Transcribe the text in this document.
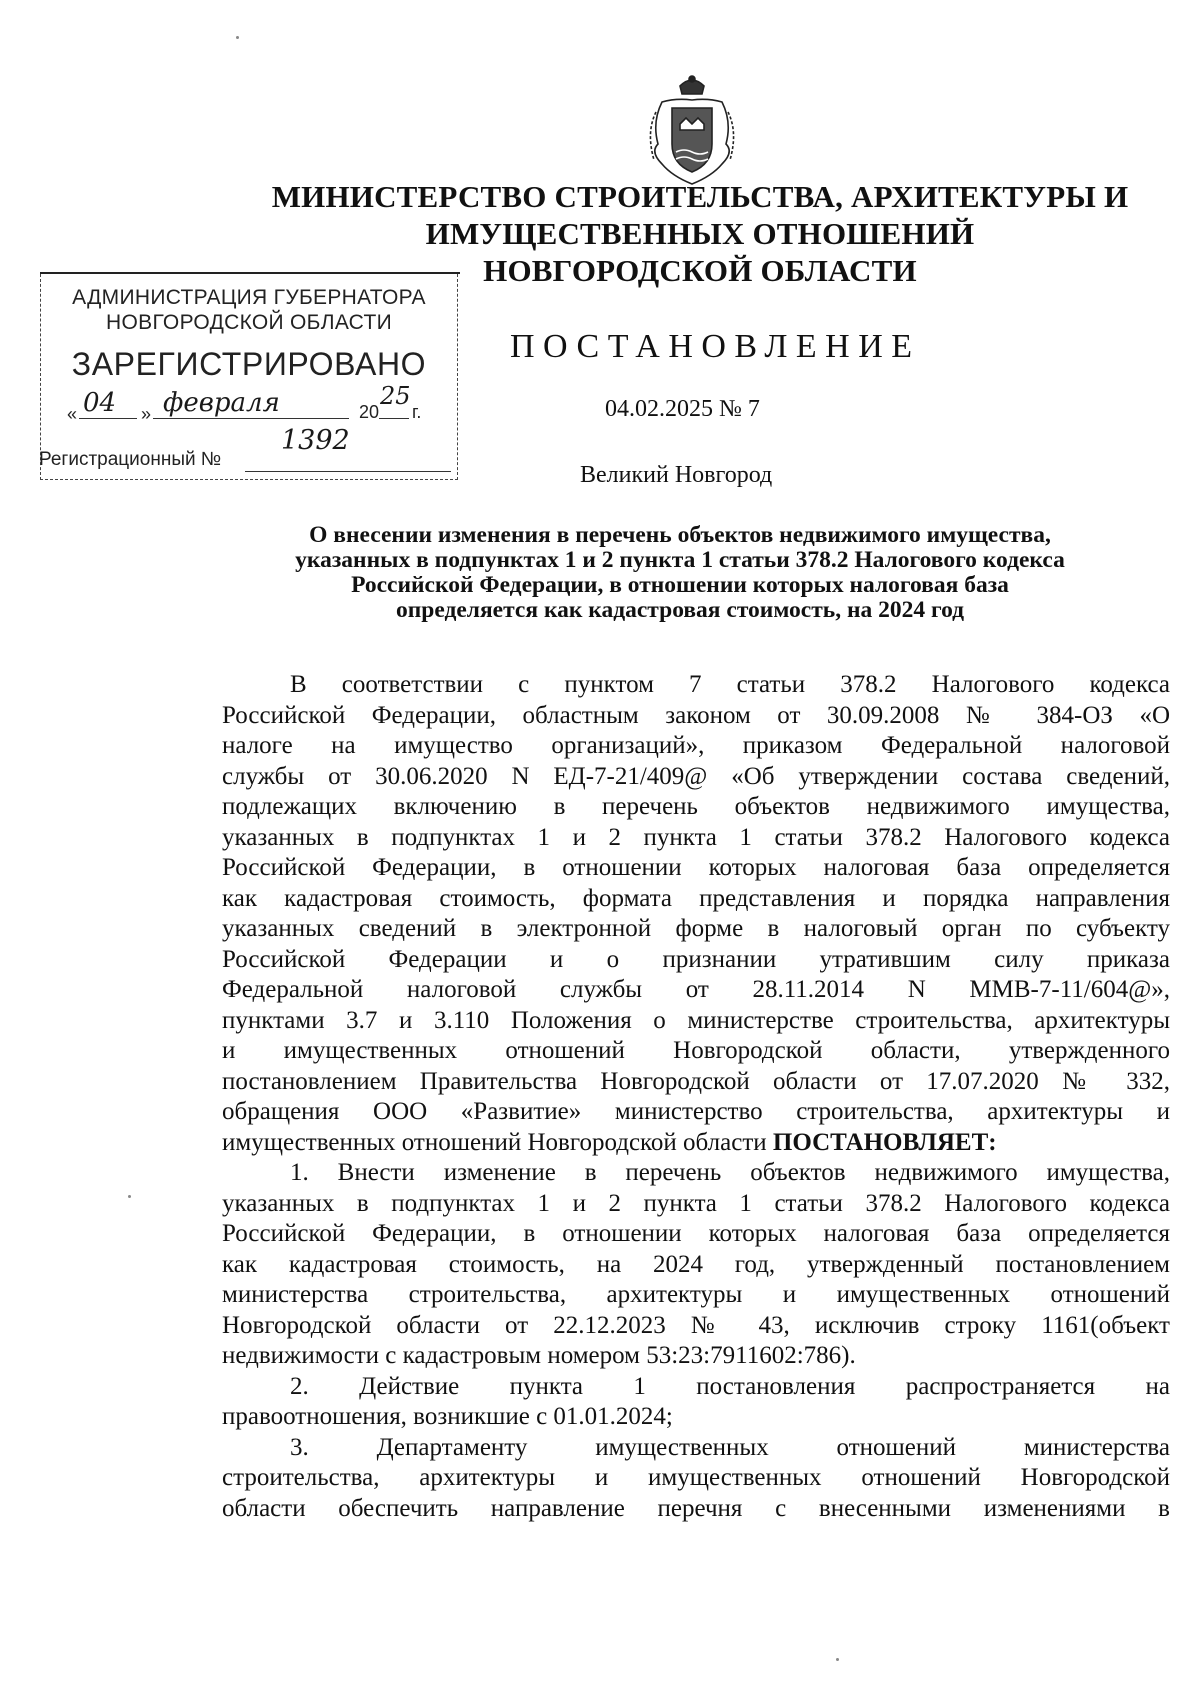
МИНИСТЕРСТВО СТРОИТЕЛЬСТВА, АРХИТЕКТУРЫ И
ИМУЩЕСТВЕННЫХ ОТНОШЕНИЙ
НОВГОРОДСКОЙ ОБЛАСТИ
АДМИНИСТРАЦИЯ ГУБЕРНАТОРА
НОВГОРОДСКОЙ ОБЛАСТИ
ЗАРЕГИСТРИРОВАНО
« 04 » февраля	20
25
г.
Регистрационный №
1392
ПОСТАНОВЛЕНИЕ
04.02.2025 № 7
Великий Новгород
О внесении изменения в перечень объектов недвижимого имущества,
указанных в подпунктах 1 и 2 пункта 1 статьи 378.2 Налогового кодекса
Российской Федерации, в отношении которых налоговая база
определяется как кадастровая стоимость, на 2024 год
В соответствии с пунктом 7 статьи 378.2 Налогового кодекса
Российской Федерации, областным законом от 30.09.2008 № 384-ОЗ «О
налоге на имущество организаций», приказом Федеральной налоговой
службы от 30.06.2020 N ЕД-7-21/409@ «Об утверждении состава сведений,
подлежащих включению в перечень объектов недвижимого имущества,
указанных в подпунктах 1 и 2 пункта 1 статьи 378.2 Налогового кодекса
Российской Федерации, в отношении которых налоговая база определяется
как кадастровая стоимость, формата представления и порядка направления
указанных сведений в электронной форме в налоговый орган по субъекту
Российской Федерации и о признании утратившим силу приказа
Федеральной налоговой службы от 28.11.2014 N ММВ-7-11/604@»,
пунктами 3.7 и 3.110 Положения о министерстве строительства, архитектуры
и имущественных отношений Новгородской области, утвержденного
постановлением Правительства Новгородской области от 17.07.2020 № 332,
обращения ООО «Развитие» министерство строительства, архитектуры и
имущественных отношений Новгородской области ПОСТАНОВЛЯЕТ:
1. Внести изменение в перечень объектов недвижимого имущества,
указанных в подпунктах 1 и 2 пункта 1 статьи 378.2 Налогового кодекса
Российской Федерации, в отношении которых налоговая база определяется
как кадастровая стоимость, на 2024 год, утвержденный постановлением
министерства строительства, архитектуры и имущественных отношений
Новгородской области от 22.12.2023 № 43, исключив строку 1161(объект
недвижимости с кадастровым номером 53:23:7911602:786).
2. Действие пункта 1 постановления распространяется на
правоотношения, возникшие с 01.01.2024;
3. Департаменту имущественных отношений министерства
строительства, архитектуры и имущественных отношений Новгородской
области обеспечить направление перечня с внесенными изменениями в
